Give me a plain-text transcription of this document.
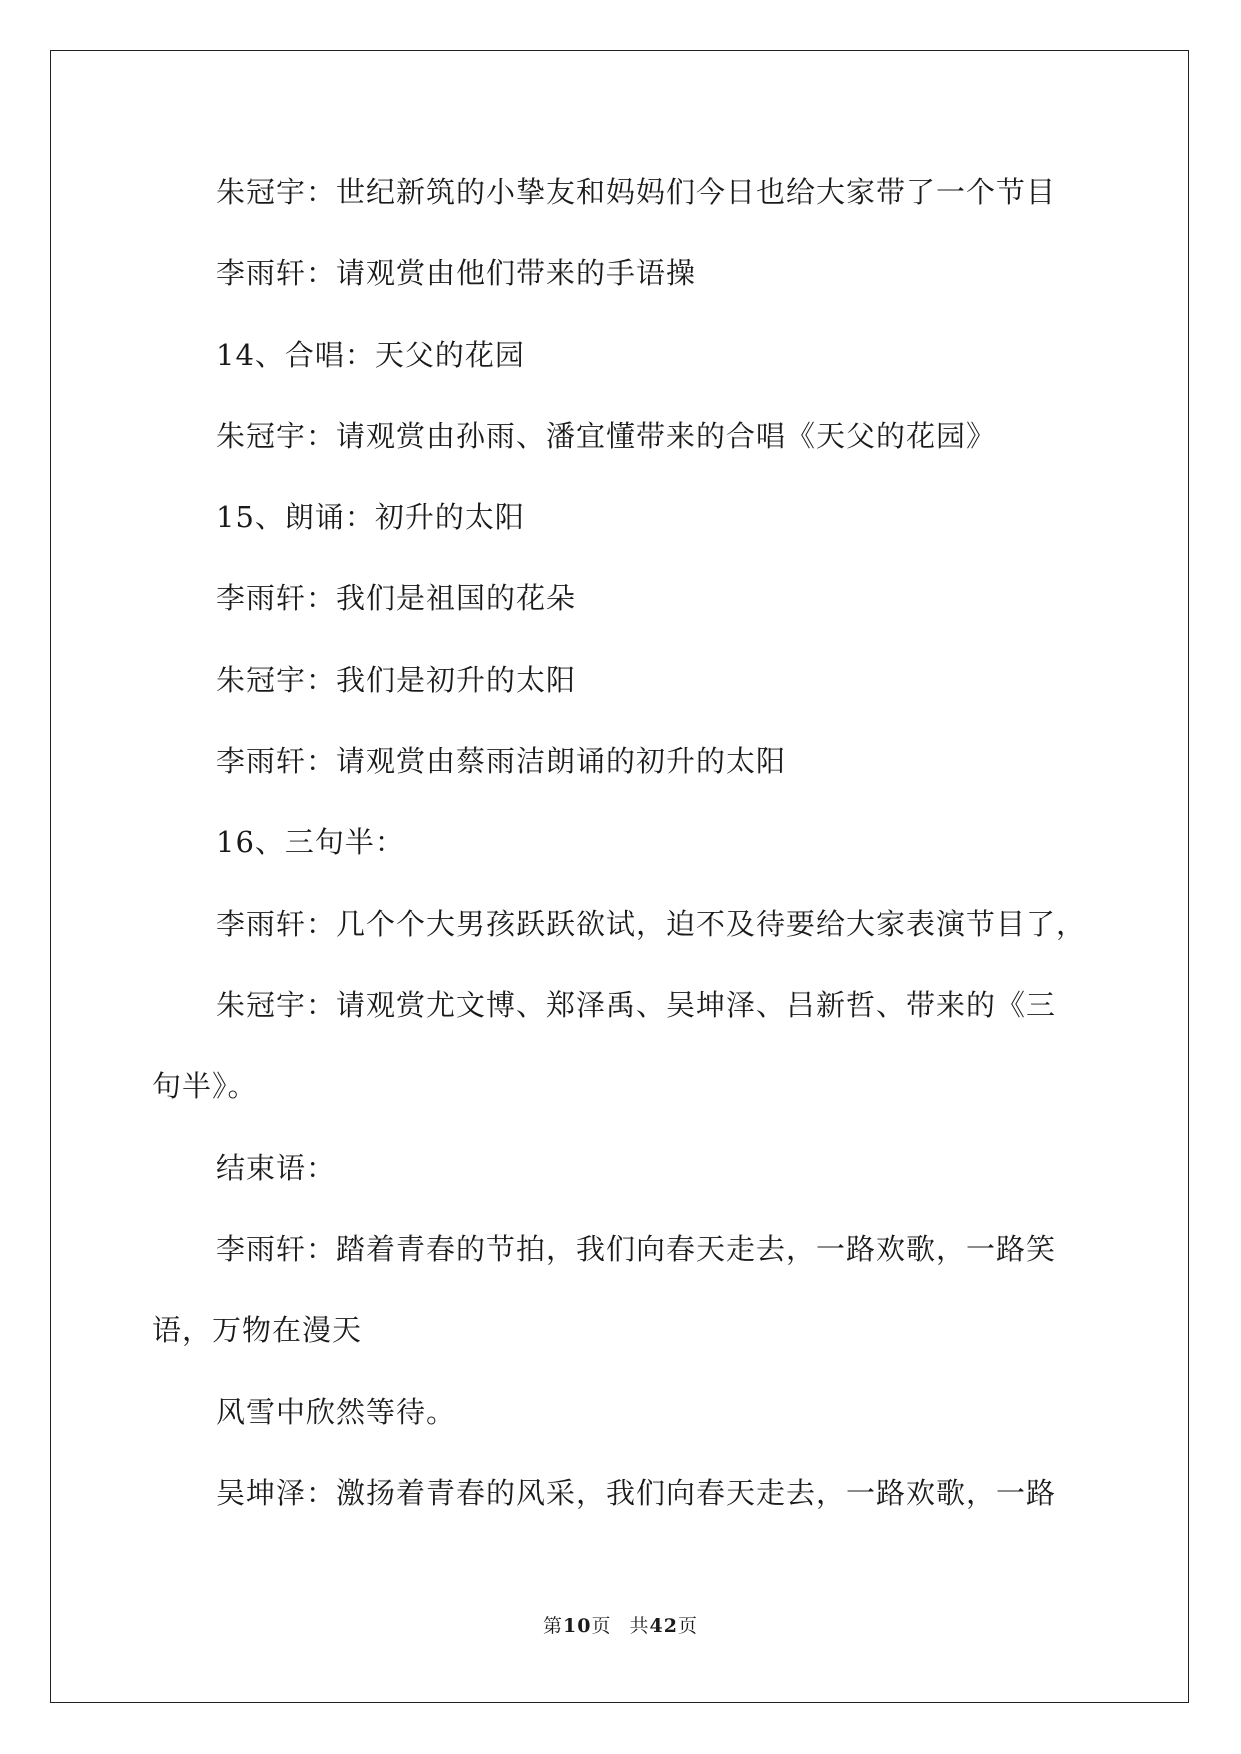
朱冠宇：世纪新筑的小挚友和妈妈们今日也给大家带了一个节目
李雨轩：请观赏由他们带来的手语操
14、合唱：天父的花园
朱冠宇：请观赏由孙雨、潘宜懂带来的合唱《天父的花园》
15、朗诵：初升的太阳
李雨轩：我们是祖国的花朵
朱冠宇：我们是初升的太阳
李雨轩：请观赏由蔡雨洁朗诵的初升的太阳
16、三句半：
李雨轩：几个个大男孩跃跃欲试，迫不及待要给大家表演节目了，
朱冠宇：请观赏尤文博、郑泽禹、吴坤泽、吕新哲、带来的《三
句半》。
结束语：
李雨轩：踏着青春的节拍，我们向春天走去，一路欢歌，一路笑
语，万物在漫天
风雪中欣然等待。
吴坤泽：激扬着青春的风采，我们向春天走去，一路欢歌，一路
第10页 共42页
